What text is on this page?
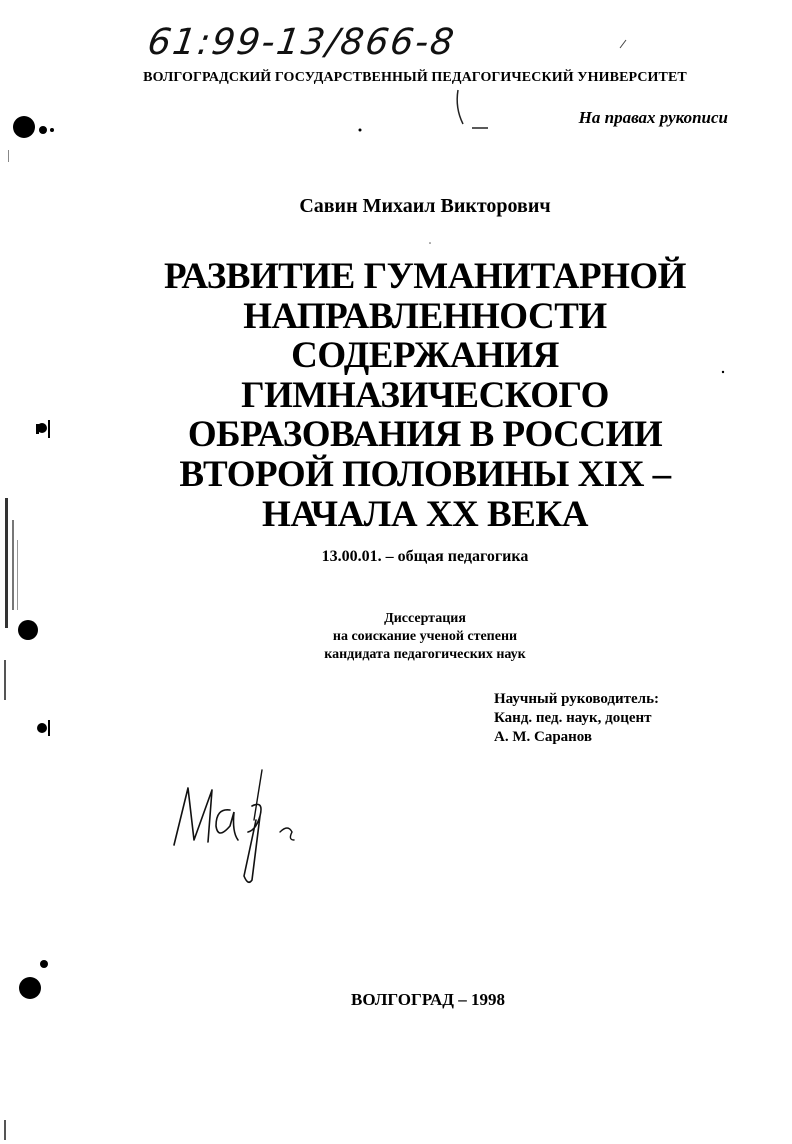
61:99-13/866-8
ВОЛГОГРАДСКИЙ ГОСУДАРСТВЕННЫЙ ПЕДАГОГИЧЕСКИЙ УНИВЕРСИТЕТ
На правах рукописи
Савин Михаил Викторович
РАЗВИТИЕ ГУМАНИТАРНОЙ
НАПРАВЛЕННОСТИ
СОДЕРЖАНИЯ
ГИМНАЗИЧЕСКОГО
ОБРАЗОВАНИЯ В РОССИИ
ВТОРОЙ ПОЛОВИНЫ XIX –
НАЧАЛА XX ВЕКА
13.00.01. – общая педагогика
Диссертация
на соискание ученой степени
кандидата педагогических наук
Научный руководитель:
Канд. пед. наук, доцент
А. М. Саранов
ВОЛГОГРАД – 1998
